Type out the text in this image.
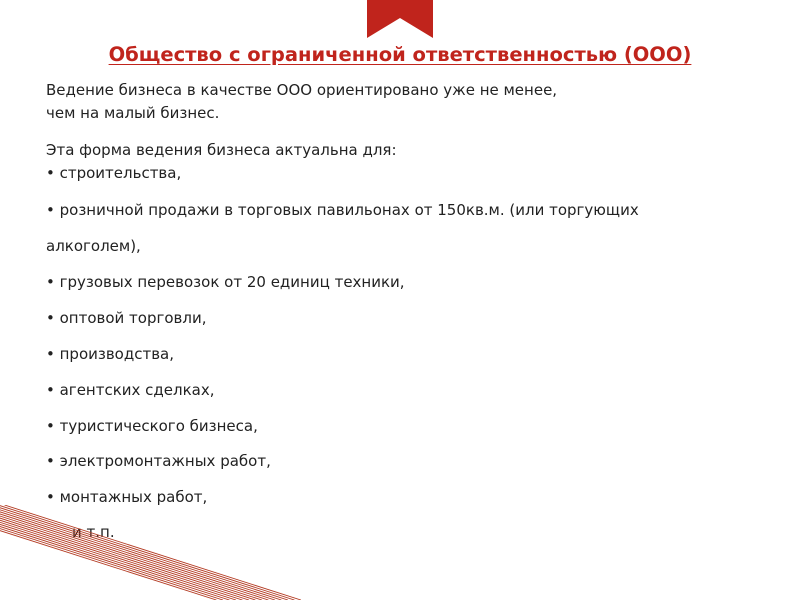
Общество с ограниченной ответственностью (ООО)
Ведение бизнеса в качестве ООО ориентировано уже не менее,
чем на малый бизнес.
Эта форма ведения бизнеса актуальна для:
• строительства,
• розничной продажи в торговых павильонах от 150кв.м. (или торгующих
алкоголем),
• грузовых перевозок от 20 единиц техники,
• оптовой торговли,
• производства,
• агентских сделках,
• туристического бизнеса,
• электромонтажных работ,
• монтажных работ,
и т.п.
